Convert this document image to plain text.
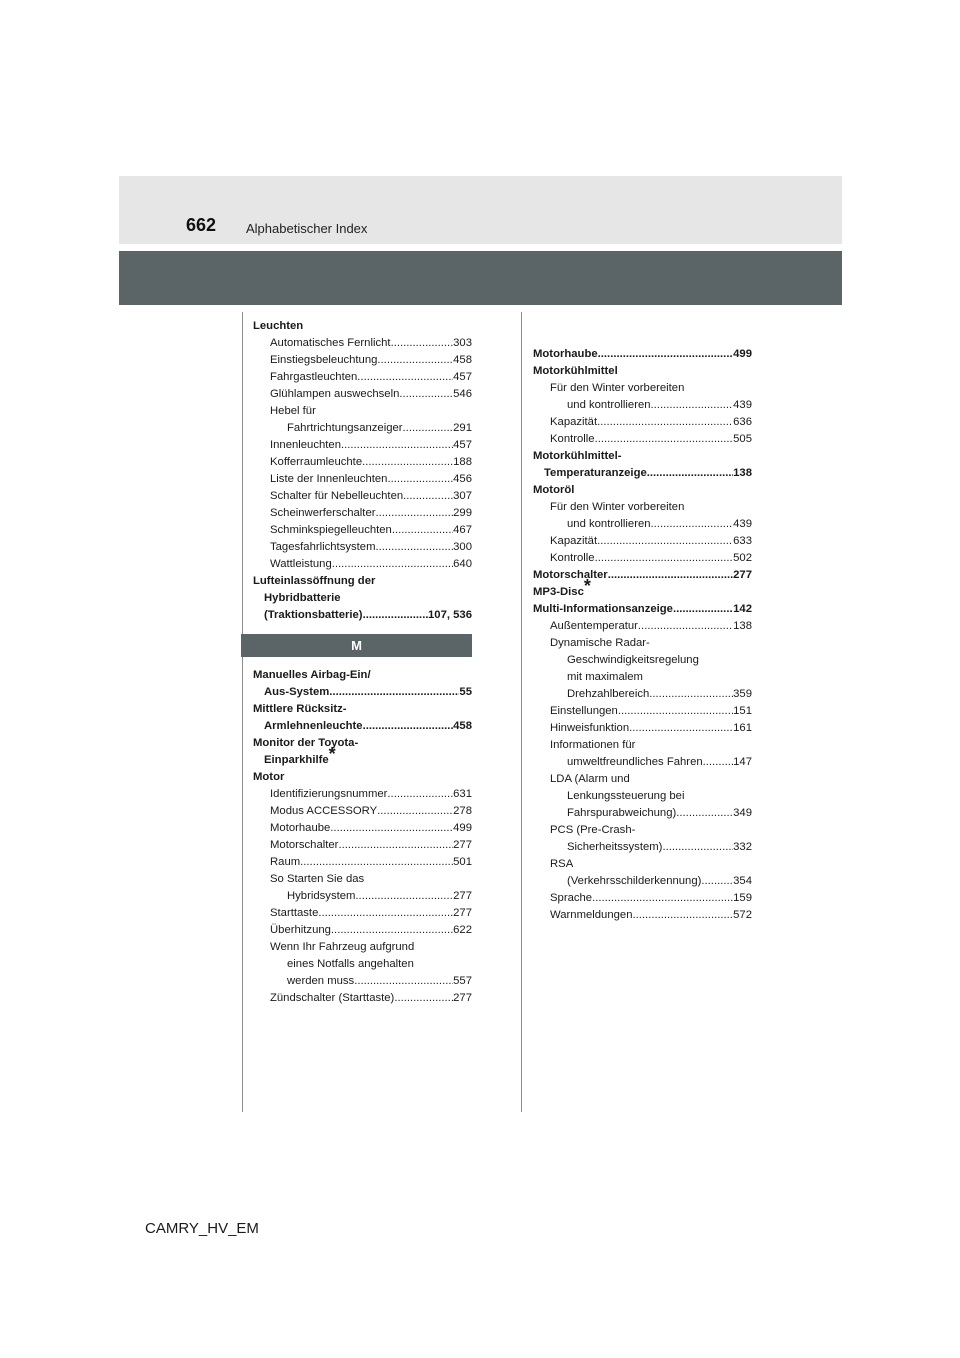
662 Alphabetischer Index
Leuchten
Automatisches Fernlicht .....	303
Einstiegsbeleuchtung .....	458
Fahrgastleuchten .....	457
Glühlampen auswechseln .....	546
Hebel für
Fahrtrichtungsanzeiger .....	291
Innenleuchten .....	457
Kofferraumleuchte .....	188
Liste der Innenleuchten .....	456
Schalter für Nebelleuchten .....	307
Scheinwerferschalter .....	299
Schminkspiegelleuchten .....	467
Tagesfahrlichtsystem .....	300
Wattleistung .....	640
Lufteinlassöffnung der
Hybridbatterie
(Traktionsbatterie) .....	107, 536
M
Manuelles Airbag-Ein/
Aus-System .....	55
Mittlere Rücksitz-
Armlehnenleuchte .....	458
Monitor der Toyota-
Einparkhilfe*
Motor
Identifizierungsnummer .....	631
Modus ACCESSORY .....	278
Motorhaube .....	499
Motorschalter .....	277
Raum .....	501
So Starten Sie das
Hybridsystem .....	277
Starttaste .....	277
Überhitzung .....	622
Wenn Ihr Fahrzeug aufgrund
eines Notfalls angehalten
werden muss .....	557
Zündschalter (Starttaste) .....	277
Motorhaube .....	499
Motorkühlmittel
Für den Winter vorbereiten
und kontrollieren .....	439
Kapazität .....	636
Kontrolle .....	505
Motorkühlmittel-
Temperaturanzeige .....	138
Motoröl
Für den Winter vorbereiten
und kontrollieren .....	439
Kapazität .....	633
Kontrolle .....	502
Motorschalter .....	277
MP3-Disc*
Multi-Informationsanzeige .....	142
Außentemperatur .....	138
Dynamische Radar-
Geschwindigkeitsregelung
mit maximalem
Drehzahlbereich .....	359
Einstellungen .....	151
Hinweisfunktion .....	161
Informationen für
umweltfreundliches Fahren .....	147
LDA (Alarm und
Lenkungssteuerung bei
Fahrspurabweichung) .....	349
PCS (Pre-Crash-
Sicherheitssystem) .....	332
RSA
(Verkehrsschilderkennung) .....	354
Sprache .....	159
Warnmeldungen .....	572
CAMRY_HV_EM
